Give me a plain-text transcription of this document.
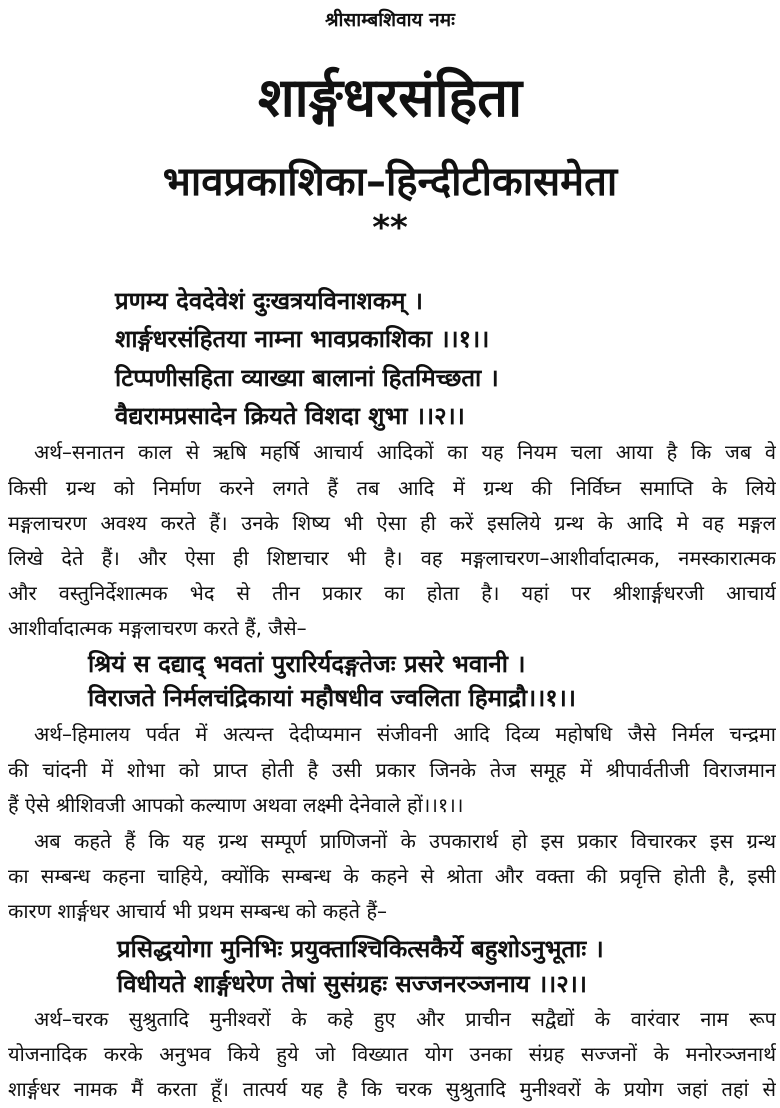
श्रीसाम्बशिवाय नमः
शार्ङ्गधरसंहिता
भावप्रकाशिका–हिन्दीटीकासमेता
**
प्रणम्य देवदेवेशं दुःखत्रयविनाशकम् ।
शार्ङ्गधरसंहितया नाम्ना भावप्रकाशिका ।।१।।
टिप्पणीसहिता व्याख्या बालानां हितमिच्छता ।
वैद्यरामप्रसादेन क्रियते विशदा शुभा ।।२।।
अर्थ–सनातन काल से ऋषि महर्षि आचार्य आदिकों का यह नियम चला आया है कि जब वे
किसी ग्रन्थ को निर्माण करने लगते हैं तब आदि में ग्रन्थ की निर्विघ्न समाप्ति के लिये
मङ्गलाचरण अवश्य करते हैं। उनके शिष्य भी ऐसा ही करें इसलिये ग्रन्थ के आदि मे वह मङ्गल
लिखे देते हैं। और ऐसा ही शिष्टाचार भी है। वह मङ्गलाचरण–आशीर्वादात्मक, नमस्कारात्मक
और वस्तुनिर्देशात्मक भेद से तीन प्रकार का होता है। यहां पर श्रीशार्ङ्गधरजी आचार्य
आशीर्वादात्मक मङ्गलाचरण करते हैं, जैसे–
श्रियं स दद्याद् भवतां पुरारिर्यदङ्गतेजः प्रसरे भवानी ।
विराजते निर्मलचंद्रिकायां महौषधीव ज्वलिता हिमाद्रौ।।१।।
अर्थ–हिमालय पर्वत में अत्यन्त देदीप्यमान संजीवनी आदि दिव्य महोषधि जैसे निर्मल चन्द्रमा
की चांदनी में शोभा को प्राप्त होती है उसी प्रकार जिनके तेज समूह में श्रीपार्वतीजी विराजमान
हैं ऐसे श्रीशिवजी आपको कल्याण अथवा लक्ष्मी देनेवाले हों।।१।।
अब कहते हैं कि यह ग्रन्थ सम्पूर्ण प्राणिजनों के उपकारार्थ हो इस प्रकार विचारकर इस ग्रन्थ
का सम्बन्ध कहना चाहिये, क्योंकि सम्बन्ध के कहने से श्रोता और वक्ता की प्रवृत्ति होती है, इसी
कारण शार्ङ्गधर आचार्य भी प्रथम सम्बन्ध को कहते हैं–
प्रसिद्धयोगा मुनिभिः प्रयुक्ताश्चिकित्सकैर्ये बहुशोऽनुभूताः ।
विधीयते शार्ङ्गधरेण तेषां सुसंग्रहः सज्जनरञ्जनाय ।।२।।
अर्थ–चरक सुश्रुतादि मुनीश्वरों के कहे हुए और प्राचीन सद्वैद्यों के वारंवार नाम रूप
योजनादिक करके अनुभव किये हुये जो विख्यात योग उनका संग्रह सज्जनों के मनोरञ्जनार्थ
शार्ङ्गधर नामक मैं करता हूँ। तात्पर्य यह है कि चरक सुश्रुतादि मुनीश्वरों के प्रयोग जहां तहां से
